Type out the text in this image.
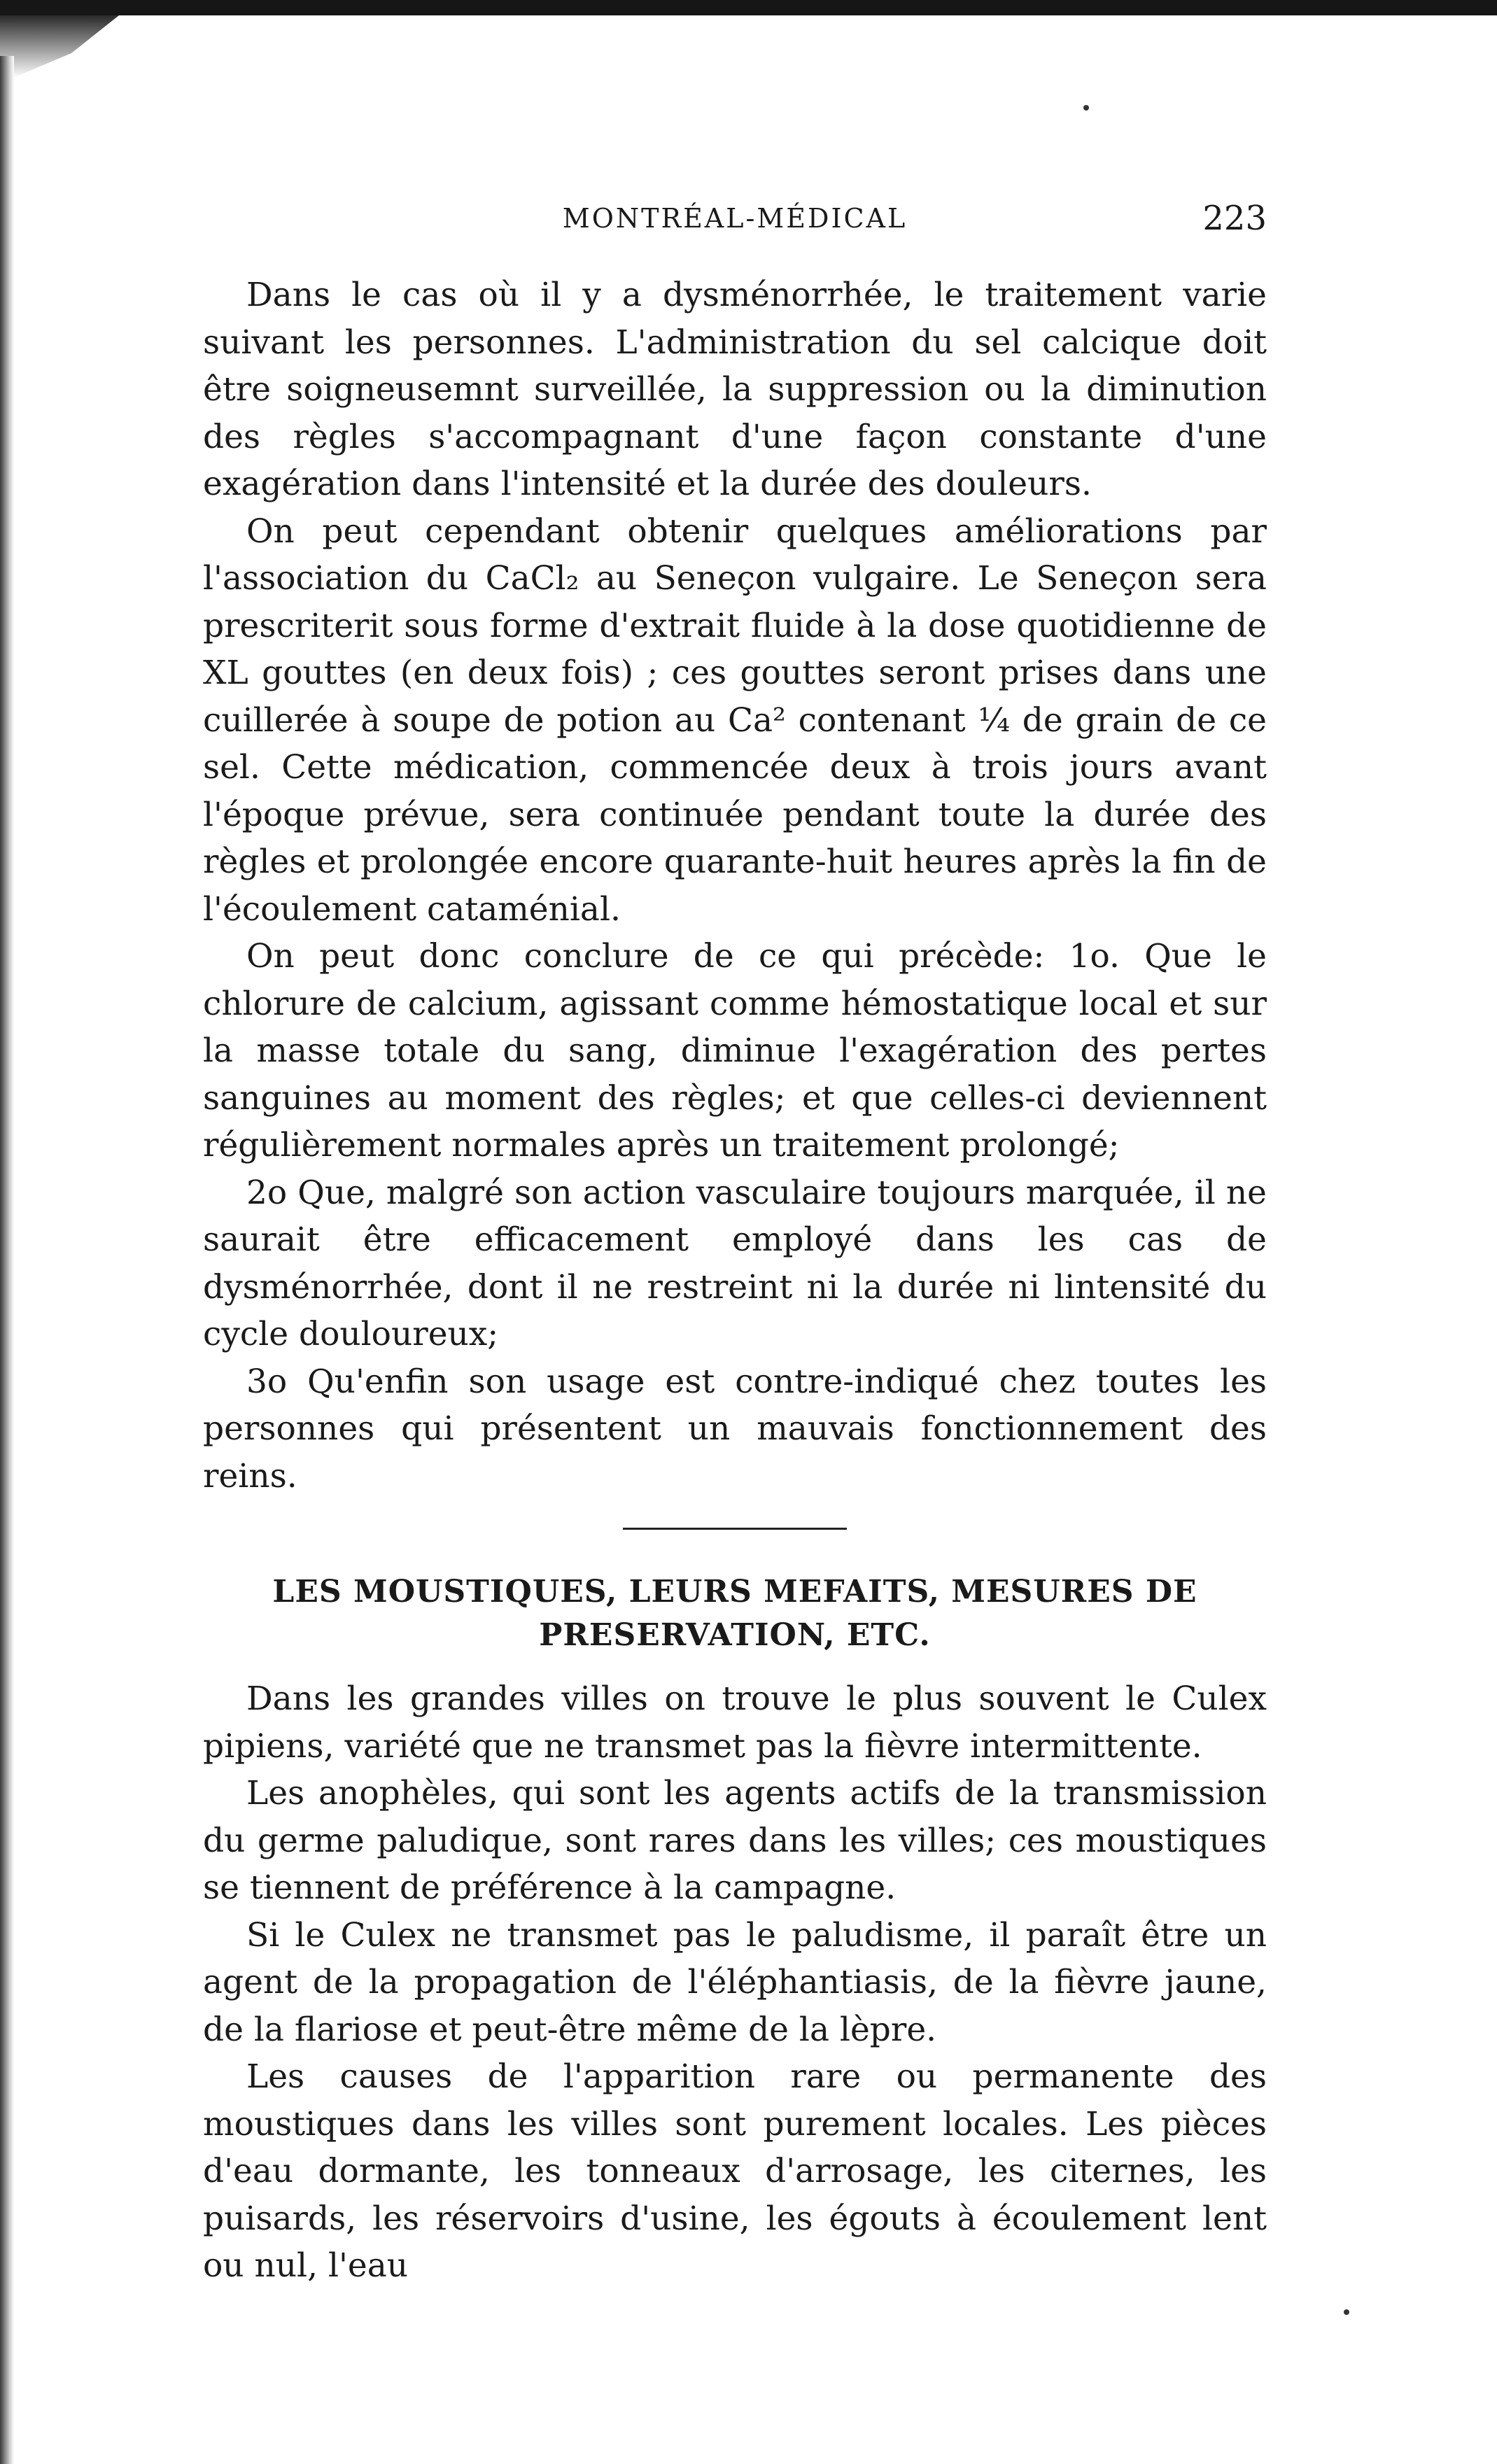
MONTRÉAL-MÉDICAL	223

Dans le cas où il y a dysménorrhée, le traitement varie suivant les personnes. L'administration du sel calcique doit être soigneusemnt surveillée, la suppression ou la diminution des règles s'accompagnant d'une façon constante d'une exagération dans l'intensité et la durée des douleurs.

On peut cependant obtenir quelques améliorations par l'association du CaCl₂ au Seneçon vulgaire. Le Seneçon sera prescriterit sous forme d'extrait fluide à la dose quotidienne de XL gouttes (en deux fois) ; ces gouttes seront prises dans une cuillerée à soupe de potion au Ca² contenant ¼ de grain de ce sel. Cette médication, commencée deux à trois jours avant l'époque prévue, sera continuée pendant toute la durée des règles et prolongée encore quarante-huit heures après la fin de l'écoulement cataménial.

On peut donc conclure de ce qui précède: 1o. Que le chlorure de calcium, agissant comme hémostatique local et sur la masse totale du sang, diminue l'exagération des pertes sanguines au moment des règles; et que celles-ci deviennent régulièrement normales après un traitement prolongé;

2o Que, malgré son action vasculaire toujours marquée, il ne saurait être efficacement employé dans les cas de dysménorrhée, dont il ne restreint ni la durée ni lintensité du cycle douloureux;

3o Qu'enfin son usage est contre-indiqué chez toutes les personnes qui présentent un mauvais fonctionnement des reins.

LES MOUSTIQUES, LEURS MEFAITS, MESURES DE
PRESERVATION, ETC.

Dans les grandes villes on trouve le plus souvent le Culex pipiens, variété que ne transmet pas la fièvre intermittente.

Les anophèles, qui sont les agents actifs de la transmission du germe paludique, sont rares dans les villes; ces moustiques se tiennent de préférence à la campagne.

Si le Culex ne transmet pas le paludisme, il paraît être un agent de la propagation de l'éléphantiasis, de la fièvre jaune, de la flariose et peut-être même de la lèpre.

Les causes de l'apparition rare ou permanente des moustiques dans les villes sont purement locales. Les pièces d'eau dormante, les tonneaux d'arrosage, les citernes, les puisards, les réservoirs d'usine, les égouts à écoulement lent ou nul, l'eau
